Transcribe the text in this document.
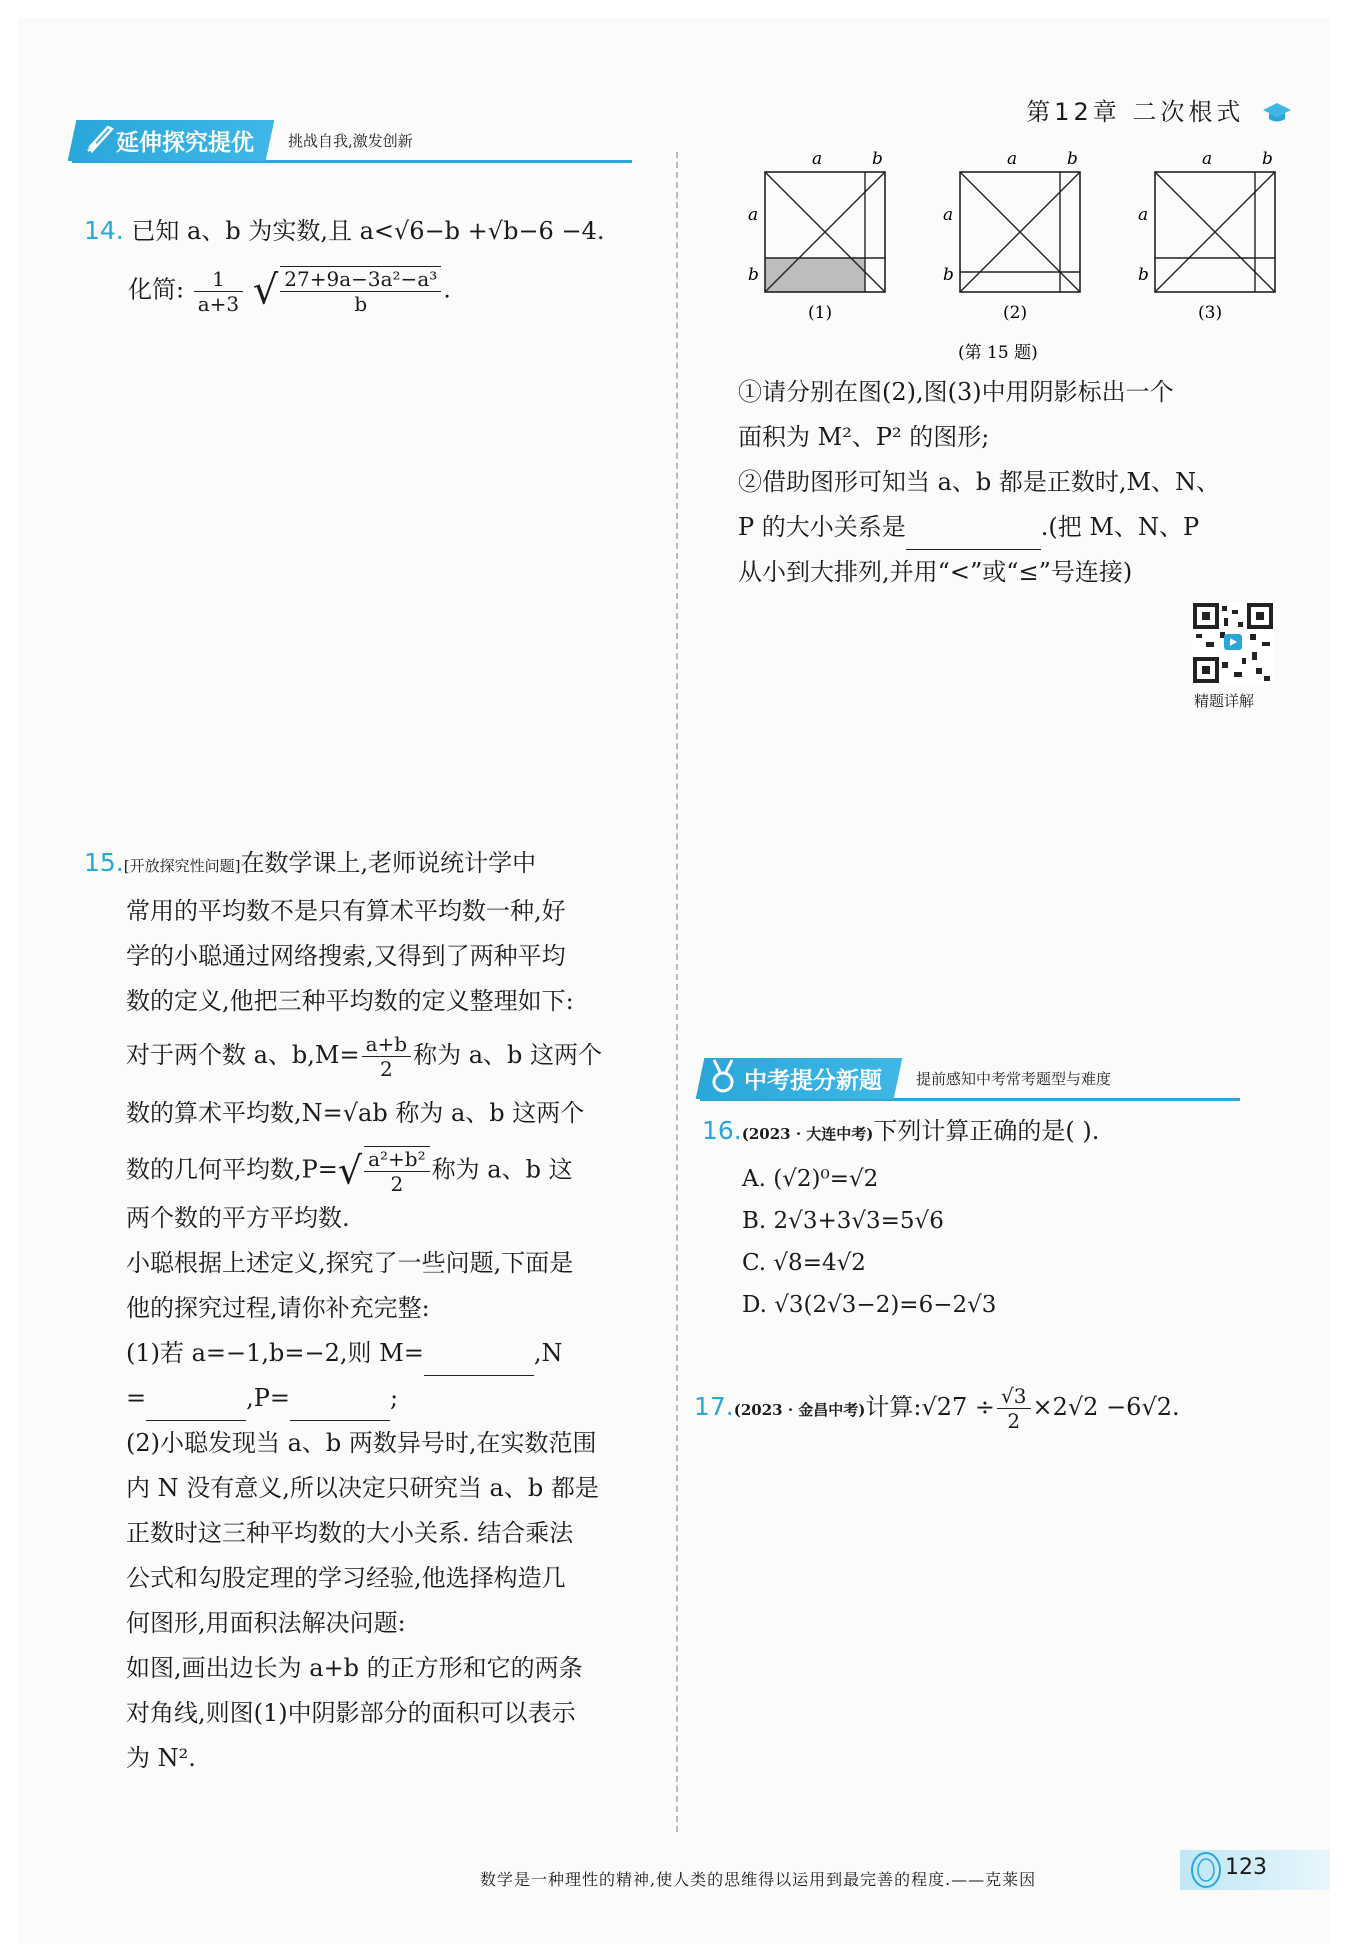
第12章 二次根式
延伸探究提优	挑战自我,激发创新
14. 已知 a、b 为实数,且 a<√6−b +√b−6 −4.
化简: $\frac{1}{a+3}$ √ $\frac{\text{27+9a−3a²−a³}}{b}$ .
15.[开放探究性问题]在数学课上,老师说统计学中
常用的平均数不是只有算术平均数一种,好
学的小聪通过网络搜索,又得到了两种平均
数的定义,他把三种平均数的定义整理如下:
对于两个数 a、$b,M= \frac{a+b}{2}$ 称为 a、b 这两个
数的算术平均数,N=√ab 称为 a、b 这两个
数的几何平均数$,P=√ \frac{\text{a²+b²}}{2}$ 称为 a、b 这
两个数的平方平均数.
小聪根据上述定义,探究了一些问题,下面是
他的探究过程,请你补充完整:
(1)若 a=−1,b=−2,则 M=	,N
=	,P=	;
(2)小聪发现当 a、b 两数异号时,在实数范围
内 N 没有意义,所以决定只研究当 a、b 都是
正数时这三种平均数的大小关系. 结合乘法
公式和勾股定理的学习经验,他选择构造几
何图形,用面积法解决问题:
如图,画出边长为 a+b 的正方形和它的两条
对角线,则图(1)中阴影部分的面积可以表示
为 N².
a	b
a
b
(1)
a	b
a
b
(2)
a	b
a
b
(3)
(第 15 题)
①请分别在图(2),图(3)中用阴影标出一个
面积为 M²、P² 的图形;
②借助图形可知当 a、b 都是正数时,M、N、
P 的大小关系是	.(把 M、N、P
从小到大排列,并用“<”或“≤”号连接)
精题详解
中考提分新题	提前感知中考常考题型与难度
16.(2023 · 大连中考)下列计算正确的是( ).
A. (√2)⁰=√2
B. 2√3+3√3=5√6
C. √8=4√2
D. √3(2√3−2)=6−2√3
17.(2023 · 金昌中考)计算:√27 ÷ $\frac{√3}{2} \times 2√2 -6√2$.
数学是一种理性的精神,使人类的思维得以运用到最完善的程度.——克莱因	123
